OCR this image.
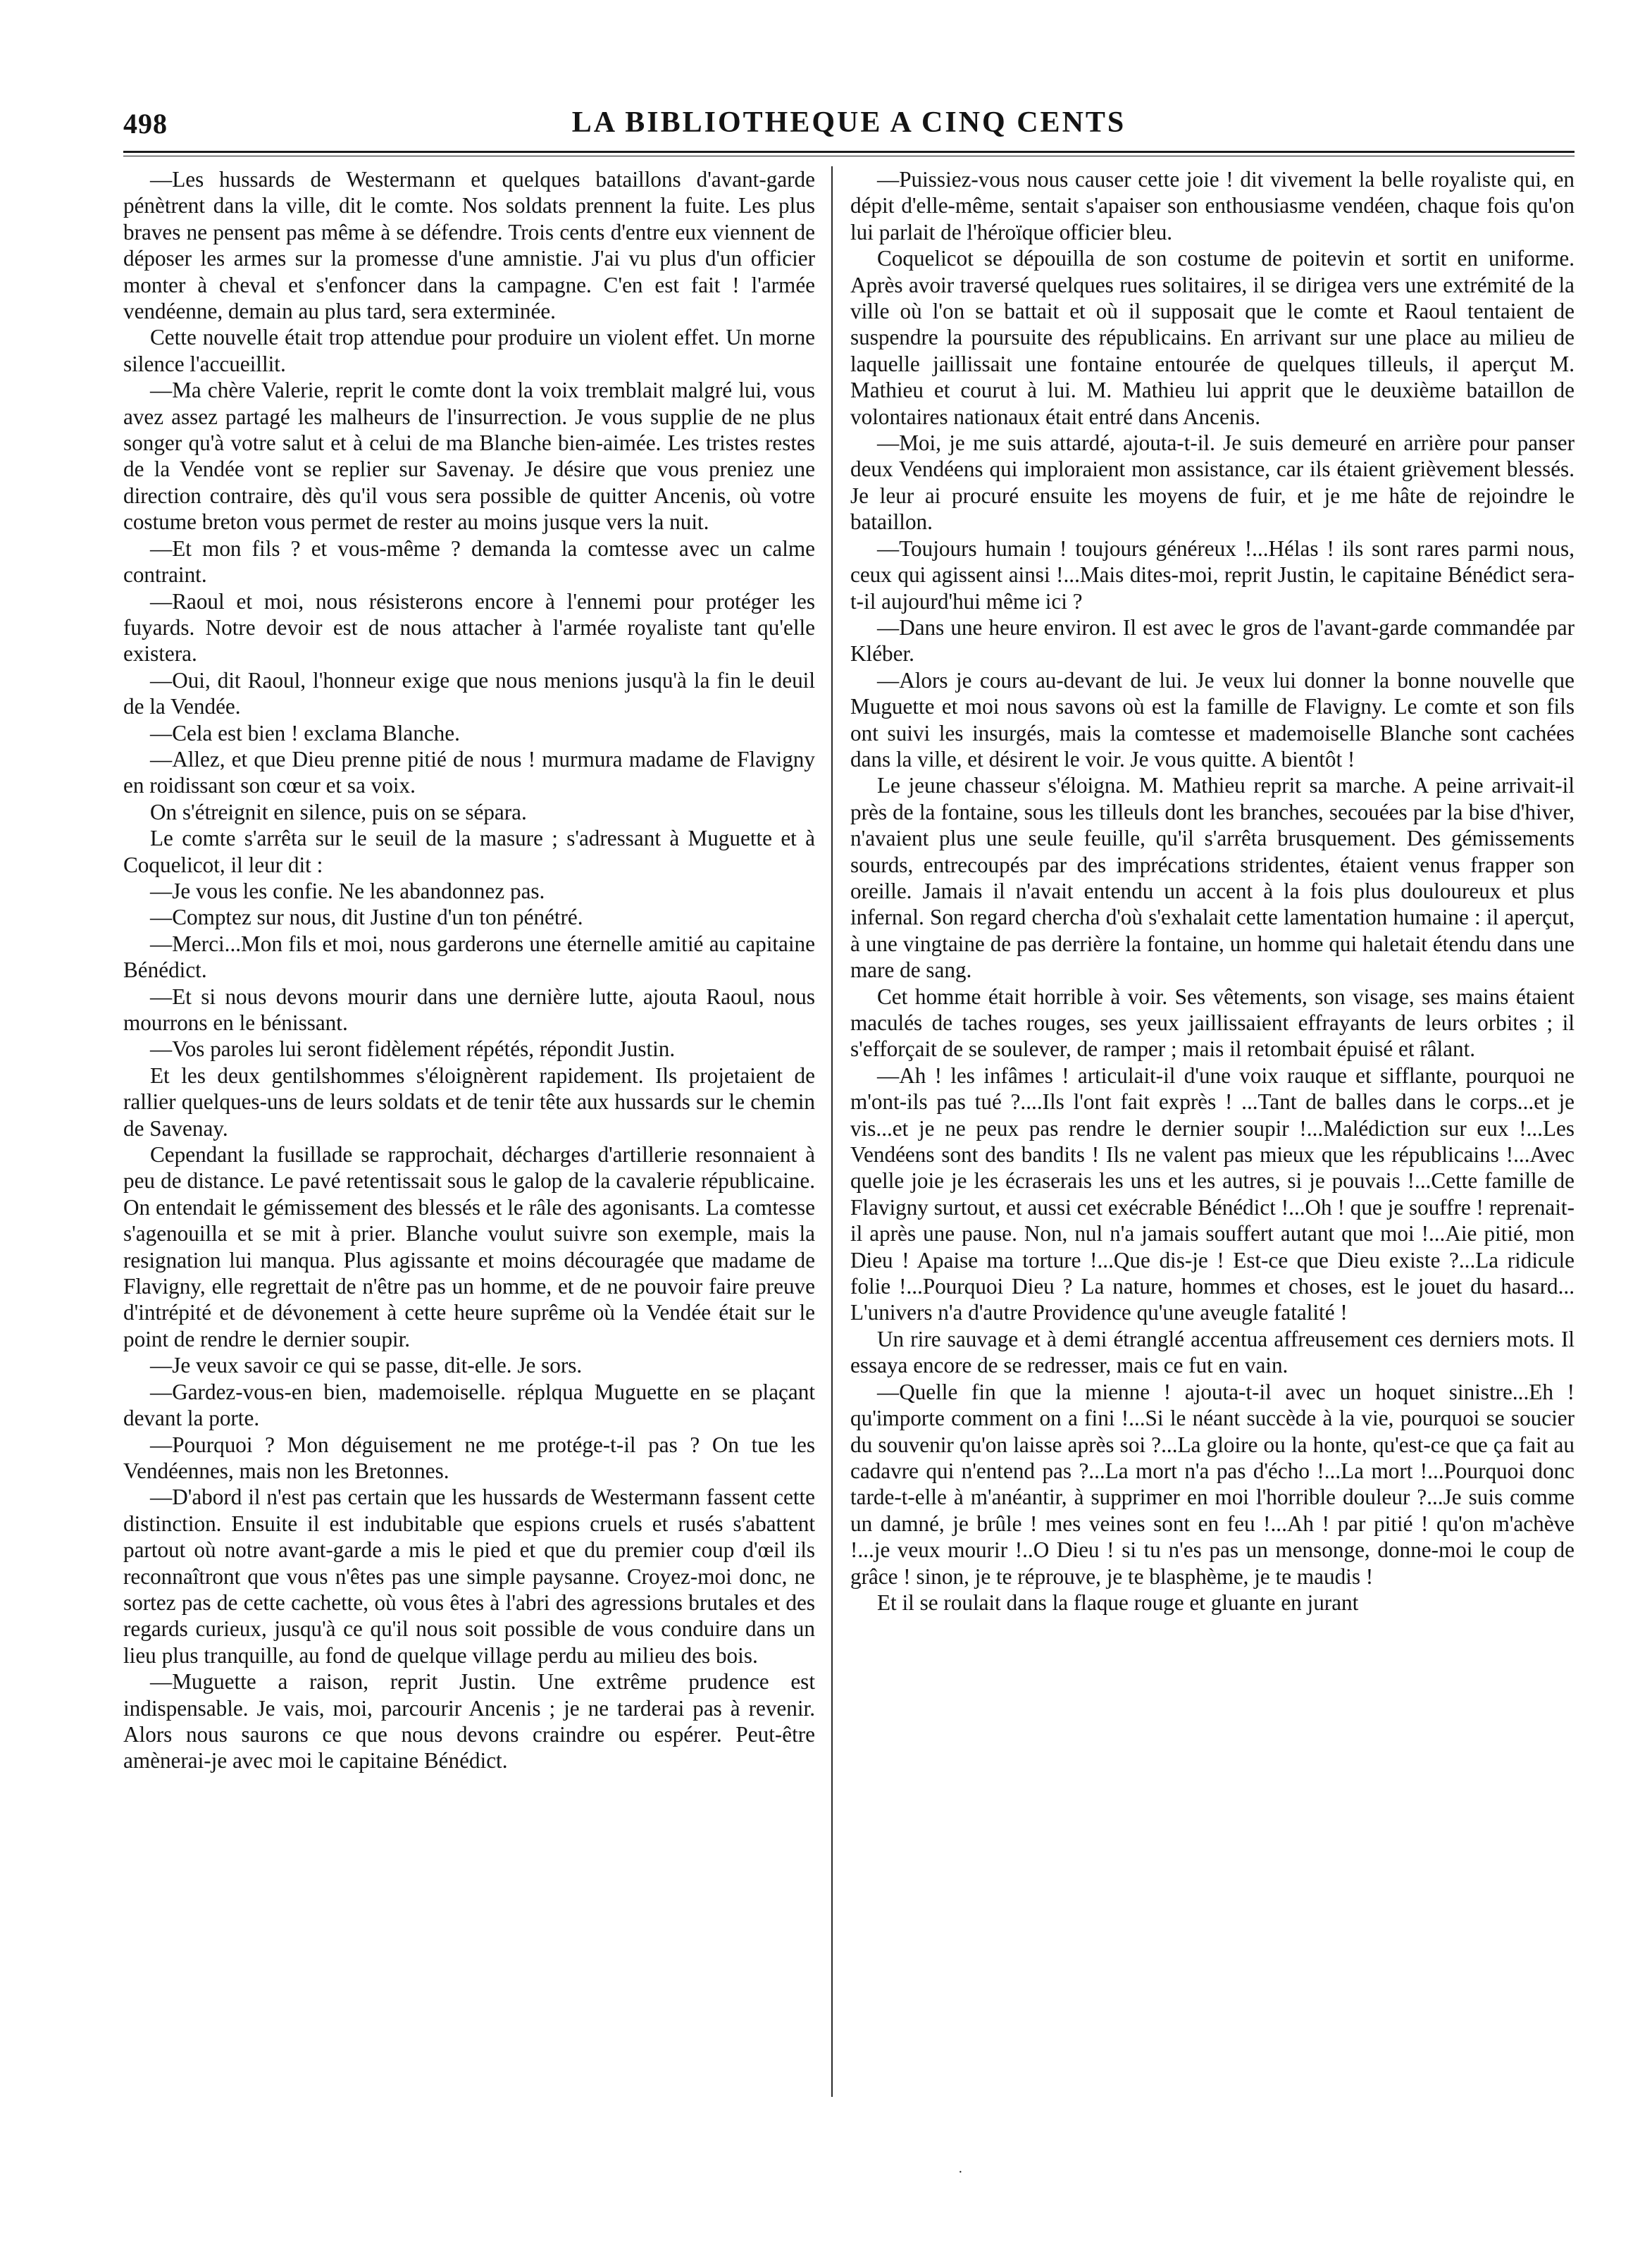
498	LA BIBLIOTHEQUE A CINQ CENTS

—Les hussards de Westermann et quelques bataillons d'avant-garde pénètrent dans la ville, dit le comte. Nos soldats prennent la fuite. Les plus braves ne pensent pas même à se défendre. Trois cents d'entre eux viennent de déposer les armes sur la promesse d'une amnistie. J'ai vu plus d'un officier monter à cheval et s'enfoncer dans la campagne. C'en est fait ! l'armée vendéenne, demain au plus tard, sera exterminée.

Cette nouvelle était trop attendue pour produire un violent effet. Un morne silence l'accueillit.

—Ma chère Valerie, reprit le comte dont la voix tremblait malgré lui, vous avez assez partagé les malheurs de l'insurrection. Je vous supplie de ne plus songer qu'à votre salut et à celui de ma Blanche bien-aimée. Les tristes restes de la Vendée vont se replier sur Savenay. Je désire que vous preniez une direction contraire, dès qu'il vous sera possible de quitter Ancenis, où votre costume breton vous permet de rester au moins jusque vers la nuit.

—Et mon fils ? et vous-même ? demanda la comtesse avec un calme contraint.

—Raoul et moi, nous résisterons encore à l'ennemi pour protéger les fuyards. Notre devoir est de nous attacher à l'armée royaliste tant qu'elle existera.

—Oui, dit Raoul, l'honneur exige que nous menions jusqu'à la fin le deuil de la Vendée.

—Cela est bien ! exclama Blanche.

—Allez, et que Dieu prenne pitié de nous ! murmura madame de Flavigny en roidissant son cœur et sa voix.

On s'étreignit en silence, puis on se sépara.

Le comte s'arrêta sur le seuil de la masure ; s'adressant à Muguette et à Coquelicot, il leur dit :

—Je vous les confie. Ne les abandonnez pas.

—Comptez sur nous, dit Justine d'un ton pénétré.

—Merci...Mon fils et moi, nous garderons une éternelle amitié au capitaine Bénédict.

—Et si nous devons mourir dans une dernière lutte, ajouta Raoul, nous mourrons en le bénissant.

—Vos paroles lui seront fidèlement répétés, répondit Justin.

Et les deux gentilshommes s'éloignèrent rapidement. Ils projetaient de rallier quelques-uns de leurs soldats et de tenir tête aux hussards sur le chemin de Savenay.

Cependant la fusillade se rapprochait, décharges d'artillerie resonnaient à peu de distance. Le pavé retentissait sous le galop de la cavalerie républicaine. On entendait le gémissement des blessés et le râle des agonisants. La comtesse s'agenouilla et se mit à prier. Blanche voulut suivre son exemple, mais la resignation lui manqua. Plus agissante et moins découragée que madame de Flavigny, elle regrettait de n'être pas un homme, et de ne pouvoir faire preuve d'intrépité et de dévonement à cette heure suprême où la Vendée était sur le point de rendre le dernier soupir.

—Je veux savoir ce qui se passe, dit-elle. Je sors.

—Gardez-vous-en bien, mademoiselle. réplqua Muguette en se plaçant devant la porte.

—Pourquoi ? Mon déguisement ne me protége-t-il pas ? On tue les Vendéennes, mais non les Bretonnes.

—D'abord il n'est pas certain que les hussards de Westermann fassent cette distinction. Ensuite il est indubitable que espions cruels et rusés s'abattent partout où notre avant-garde a mis le pied et que du premier coup d'œil ils reconnaîtront que vous n'êtes pas une simple paysanne. Croyez-moi donc, ne sortez pas de cette cachette, où vous êtes à l'abri des agressions brutales et des regards curieux, jusqu'à ce qu'il nous soit possible de vous conduire dans un lieu plus tranquille, au fond de quelque village perdu au milieu des bois.

—Muguette a raison, reprit Justin. Une extrême prudence est indispensable. Je vais, moi, parcourir Ancenis ; je ne tarderai pas à revenir. Alors nous saurons ce que nous devons craindre ou espérer. Peut-être amènerai-je avec moi le capitaine Bénédict.

—Puissiez-vous nous causer cette joie ! dit vivement la belle royaliste qui, en dépit d'elle-même, sentait s'apaiser son enthousiasme vendéen, chaque fois qu'on lui parlait de l'héroïque officier bleu.

Coquelicot se dépouilla de son costume de poitevin et sortit en uniforme. Après avoir traversé quelques rues solitaires, il se dirigea vers une extrémité de la ville où l'on se battait et où il supposait que le comte et Raoul tentaient de suspendre la poursuite des républicains. En arrivant sur une place au milieu de laquelle jaillissait une fontaine entourée de quelques tilleuls, il aperçut M. Mathieu et courut à lui. M. Mathieu lui apprit que le deuxième bataillon de volontaires nationaux était entré dans Ancenis.

—Moi, je me suis attardé, ajouta-t-il. Je suis demeuré en arrière pour panser deux Vendéens qui imploraient mon assistance, car ils étaient grièvement blessés. Je leur ai procuré ensuite les moyens de fuir, et je me hâte de rejoindre le bataillon.

—Toujours humain ! toujours généreux !...Hélas ! ils sont rares parmi nous, ceux qui agissent ainsi !...Mais dites-moi, reprit Justin, le capitaine Bénédict sera-t-il aujourd'hui même ici ?

—Dans une heure environ. Il est avec le gros de l'avant-garde commandée par Kléber.

—Alors je cours au-devant de lui. Je veux lui donner la bonne nouvelle que Muguette et moi nous savons où est la famille de Flavigny. Le comte et son fils ont suivi les insurgés, mais la comtesse et mademoiselle Blanche sont cachées dans la ville, et désirent le voir. Je vous quitte. A bientôt !

Le jeune chasseur s'éloigna. M. Mathieu reprit sa marche. A peine arrivait-il près de la fontaine, sous les tilleuls dont les branches, secouées par la bise d'hiver, n'avaient plus une seule feuille, qu'il s'arrêta brusquement. Des gémissements sourds, entrecoupés par des imprécations stridentes, étaient venus frapper son oreille. Jamais il n'avait entendu un accent à la fois plus douloureux et plus infernal. Son regard chercha d'où s'exhalait cette lamentation humaine : il aperçut, à une vingtaine de pas derrière la fontaine, un homme qui haletait étendu dans une mare de sang.

Cet homme était horrible à voir. Ses vêtements, son visage, ses mains étaient maculés de taches rouges, ses yeux jaillissaient effrayants de leurs orbites ; il s'efforçait de se soulever, de ramper ; mais il retombait épuisé et râlant.

—Ah ! les infâmes ! articulait-il d'une voix rauque et sifflante, pourquoi ne m'ont-ils pas tué ?....Ils l'ont fait exprès ! ...Tant de balles dans le corps...et je vis...et je ne peux pas rendre le dernier soupir !...Malédiction sur eux !...Les Vendéens sont des bandits ! Ils ne valent pas mieux que les républicains !...Avec quelle joie je les écraserais les uns et les autres, si je pouvais !...Cette famille de Flavigny surtout, et aussi cet exécrable Bénédict !...Oh ! que je souffre ! reprenait-il après une pause. Non, nul n'a jamais souffert autant que moi !...Aie pitié, mon Dieu ! Apaise ma torture !...Que dis-je ! Est-ce que Dieu existe ?...La ridicule folie !...Pourquoi Dieu ? La nature, hommes et choses, est le jouet du hasard... L'univers n'a d'autre Providence qu'une aveugle fatalité !

Un rire sauvage et à demi étranglé accentua affreusement ces derniers mots. Il essaya encore de se redresser, mais ce fut en vain.

—Quelle fin que la mienne ! ajouta-t-il avec un hoquet sinistre...Eh ! qu'importe comment on a fini !...Si le néant succède à la vie, pourquoi se soucier du souvenir qu'on laisse après soi ?...La gloire ou la honte, qu'est-ce que ça fait au cadavre qui n'entend pas ?...La mort n'a pas d'écho !...La mort !...Pourquoi donc tarde-t-elle à m'anéantir, à supprimer en moi l'horrible douleur ?...Je suis comme un damné, je brûle ! mes veines sont en feu !...Ah ! par pitié ! qu'on m'achève !...je veux mourir !..O Dieu ! si tu n'es pas un mensonge, donne-moi le coup de grâce ! sinon, je te réprouve, je te blasphème, je te maudis !

Et il se roulait dans la flaque rouge et gluante en jurant

·
